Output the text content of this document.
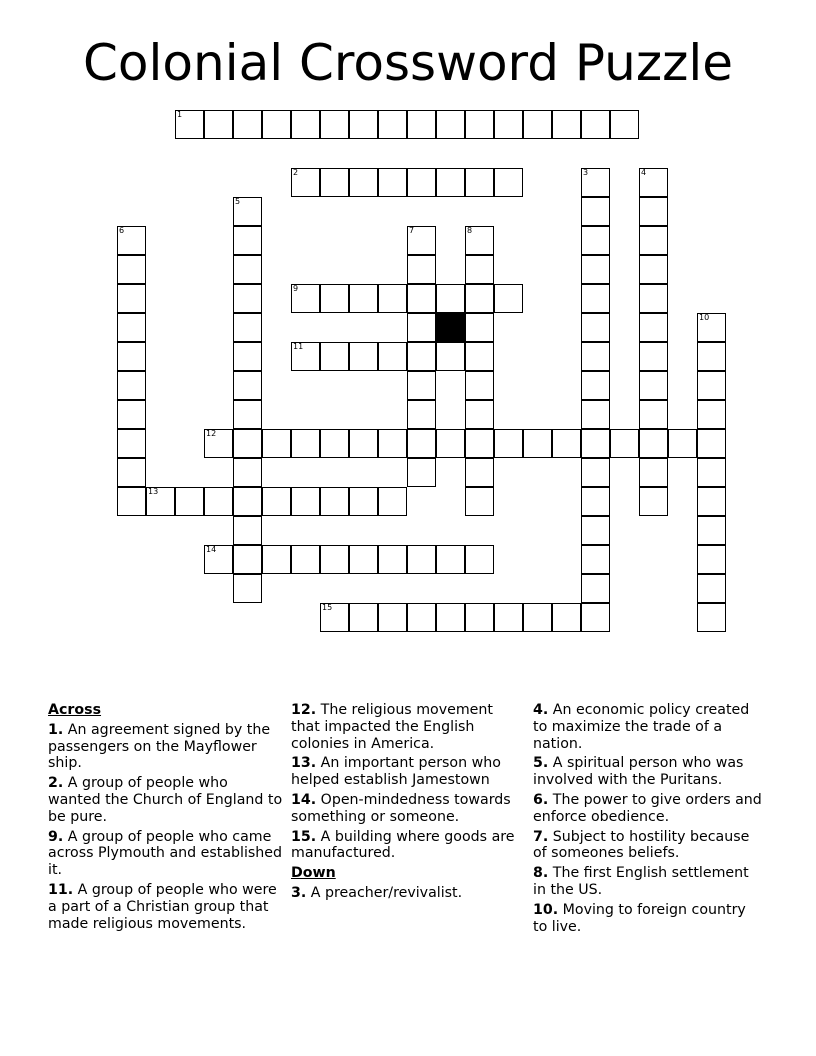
Colonial Crossword Puzzle
1
2	3	4
5
6	7	8
9
10
11
12
13
14
15
Across
1. An agreement signed by the passengers on the Mayflower ship.
2. A group of people who wanted the Church of England to be pure.
9. A group of people who came across Plymouth and established it.
11. A group of people who were a part of a Christian group that made religious movements.
12. The religious movement that impacted the English colonies in America.
13. An important person who helped establish Jamestown
14. Open-mindedness towards something or someone.
15. A building where goods are manufactured.
Down
3. A preacher/revivalist.
4. An economic policy created to maximize the trade of a nation.
5. A spiritual person who was involved with the Puritans.
6. The power to give orders and enforce obedience.
7. Subject to hostility because of someones beliefs.
8. The first English settlement in the US.
10. Moving to foreign country to live.
